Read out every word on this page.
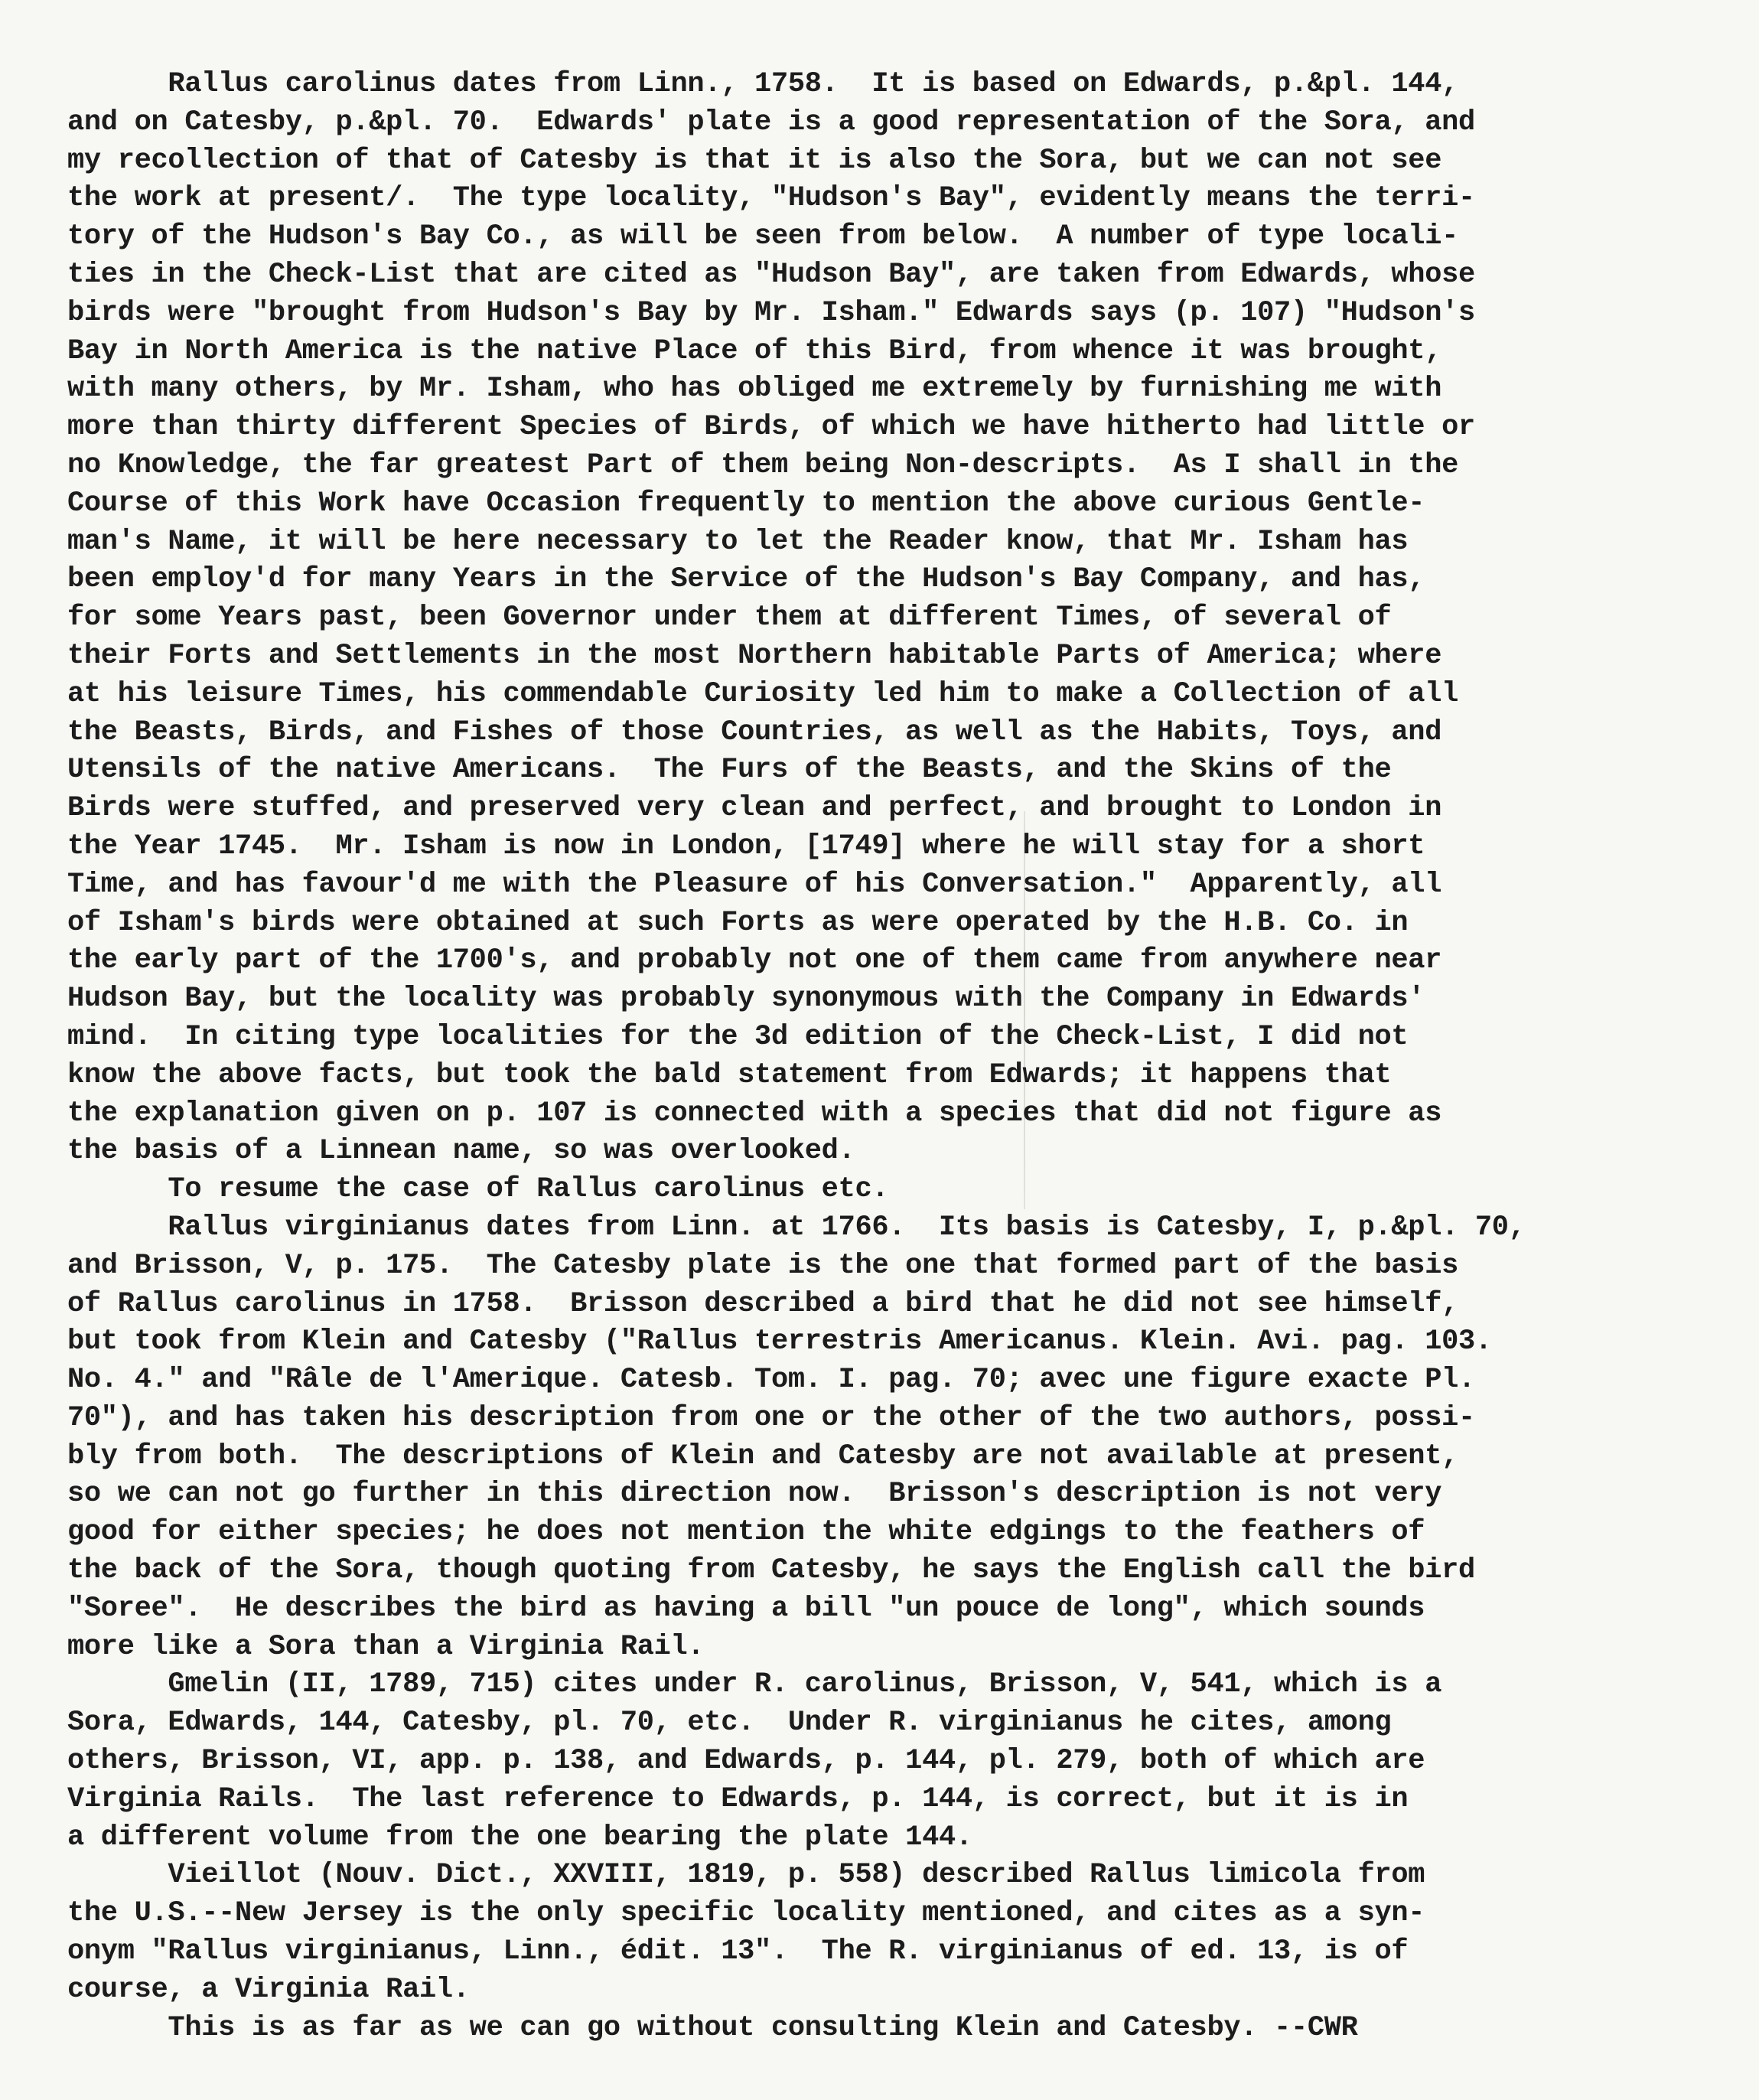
Rallus carolinus dates from Linn., 1758.  It is based on Edwards, p.&pl. 144,
and on Catesby, p.&pl. 70.  Edwards' plate is a good representation of the Sora, and
my recollection of that of Catesby is that it is also the Sora, but we can not see
the work at present/.  The type locality, "Hudson's Bay", evidently means the terri-
tory of the Hudson's Bay Co., as will be seen from below.  A number of type locali-
ties in the Check-List that are cited as "Hudson Bay", are taken from Edwards, whose
birds were "brought from Hudson's Bay by Mr. Isham." Edwards says (p. 107) "Hudson's
Bay in North America is the native Place of this Bird, from whence it was brought,
with many others, by Mr. Isham, who has obliged me extremely by furnishing me with
more than thirty different Species of Birds, of which we have hitherto had little or
no Knowledge, the far greatest Part of them being Non-descripts.  As I shall in the
Course of this Work have Occasion frequently to mention the above curious Gentle-
man's Name, it will be here necessary to let the Reader know, that Mr. Isham has
been employ'd for many Years in the Service of the Hudson's Bay Company, and has,
for some Years past, been Governor under them at different Times, of several of
their Forts and Settlements in the most Northern habitable Parts of America; where
at his leisure Times, his commendable Curiosity led him to make a Collection of all
the Beasts, Birds, and Fishes of those Countries, as well as the Habits, Toys, and
Utensils of the native Americans.  The Furs of the Beasts, and the Skins of the
Birds were stuffed, and preserved very clean and perfect, and brought to London in
the Year 1745.  Mr. Isham is now in London, [1749] where he will stay for a short
Time, and has favour'd me with the Pleasure of his Conversation."  Apparently, all
of Isham's birds were obtained at such Forts as were operated by the H.B. Co. in
the early part of the 1700's, and probably not one of them came from anywhere near
Hudson Bay, but the locality was probably synonymous with the Company in Edwards'
mind.  In citing type localities for the 3d edition of the Check-List, I did not
know the above facts, but took the bald statement from Edwards; it happens that
the explanation given on p. 107 is connected with a species that did not figure as
the basis of a Linnean name, so was overlooked.
To resume the case of Rallus carolinus etc.
Rallus virginianus dates from Linn. at 1766.  Its basis is Catesby, I, p.&pl. 70,
and Brisson, V, p. 175.  The Catesby plate is the one that formed part of the basis
of Rallus carolinus in 1758.  Brisson described a bird that he did not see himself,
but took from Klein and Catesby ("Rallus terrestris Americanus. Klein. Avi. pag. 103.
No. 4." and "Râle de l'Amerique. Catesb. Tom. I. pag. 70; avec une figure exacte Pl.
70"), and has taken his description from one or the other of the two authors, possi-
bly from both.  The descriptions of Klein and Catesby are not available at present,
so we can not go further in this direction now.  Brisson's description is not very
good for either species; he does not mention the white edgings to the feathers of
the back of the Sora, though quoting from Catesby, he says the English call the bird
"Soree".  He describes the bird as having a bill "un pouce de long", which sounds
more like a Sora than a Virginia Rail.
Gmelin (II, 1789, 715) cites under R. carolinus, Brisson, V, 541, which is a
Sora, Edwards, 144, Catesby, pl. 70, etc.  Under R. virginianus he cites, among
others, Brisson, VI, app. p. 138, and Edwards, p. 144, pl. 279, both of which are
Virginia Rails.  The last reference to Edwards, p. 144, is correct, but it is in
a different volume from the one bearing the plate 144.
Vieillot (Nouv. Dict., XXVIII, 1819, p. 558) described Rallus limicola from
the U.S.--New Jersey is the only specific locality mentioned, and cites as a syn-
onym "Rallus virginianus, Linn., édit. 13".  The R. virginianus of ed. 13, is of
course, a Virginia Rail.
This is as far as we can go without consulting Klein and Catesby. --CWR
